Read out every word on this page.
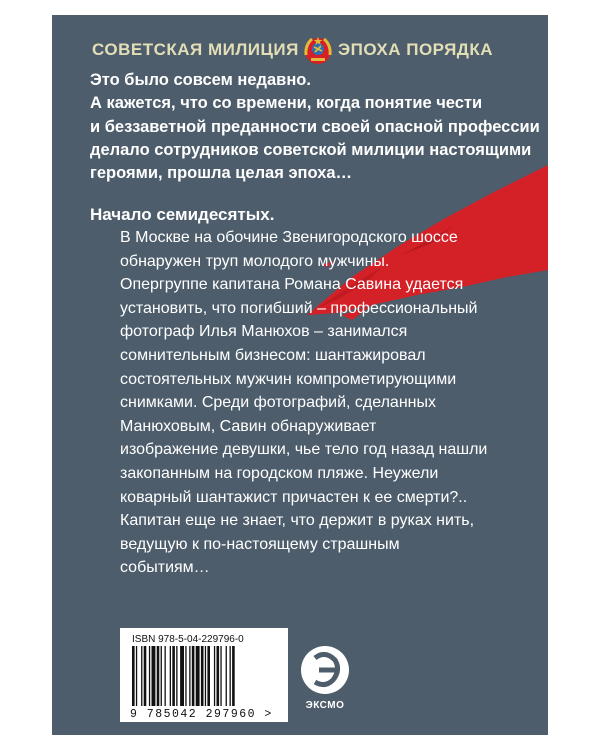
СОВЕТСКАЯ МИЛИЦИЯ ЭПОХА ПОРЯДКА
Это было совсем недавно.
А кажется, что со времени, когда понятие чести
и беззаветной преданности своей опасной профессии
делало сотрудников советской милиции настоящими
героями, прошла целая эпоха…
Начало семидесятых.
В Москве на обочине Звенигородского шоссе
обнаружен труп молодого мужчины.
Опергруппе капитана Романа Савина удается
установить, что погибший – профессиональный
фотограф Илья Манюхов – занимался
сомнительным бизнесом: шантажировал
состоятельных мужчин компрометирующими
снимками. Среди фотографий, сделанных
Манюховым, Савин обнаруживает
изображение девушки, чье тело год назад нашли
закопанным на городском пляже. Неужели
коварный шантажист причастен к ее смерти?..
Капитан еще не знает, что держит в руках нить,
ведущую к по-настоящему страшным
событиям…
ISBN 978-5-04-229796-0
9 785042 297960 >
ЭКСМО
